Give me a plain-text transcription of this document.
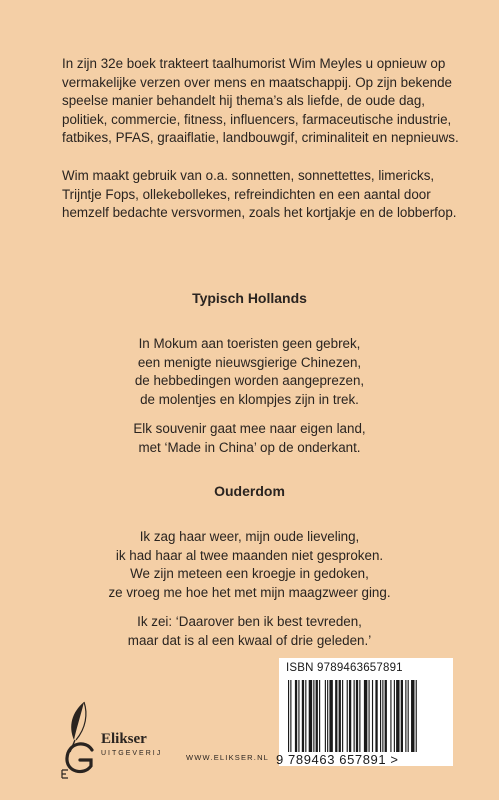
In zijn 32e boek trakteert taalhumorist Wim Meyles u opnieuw op vermakelijke verzen over mens en maatschappij. Op zijn bekende speelse manier behandelt hij thema’s als liefde, de oude dag, politiek, commercie, fitness, influencers, farmaceutische industrie, fatbikes, PFAS, graaiflatie, landbouwgif, criminaliteit en nepnieuws.

Wim maakt gebruik van o.a. sonnetten, sonnettettes, limericks, Trijntje Fops, ollekebollekes, refreindichten en een aantal door hemzelf bedachte versvormen, zoals het kortjakje en de lobberfop.

Typisch Hollands

In Mokum aan toeristen geen gebrek,
een menigte nieuwsgierige Chinezen,
de hebbedingen worden aangeprezen,
de molentjes en klompjes zijn in trek.

Elk souvenir gaat mee naar eigen land,
met ‘Made in China’ op de onderkant.

Ouderdom

Ik zag haar weer, mijn oude lieveling,
ik had haar al twee maanden niet gesproken.
We zijn meteen een kroegje in gedoken,
ze vroeg me hoe het met mijn maagzweer ging.

Ik zei: ‘Daarover ben ik best tevreden,
maar dat is al een kwaal of drie geleden.’

Elikser
UITGEVERIJ	WWW.ELIKSER.NL
ISBN 9789463657891
9 789463 657891 >
